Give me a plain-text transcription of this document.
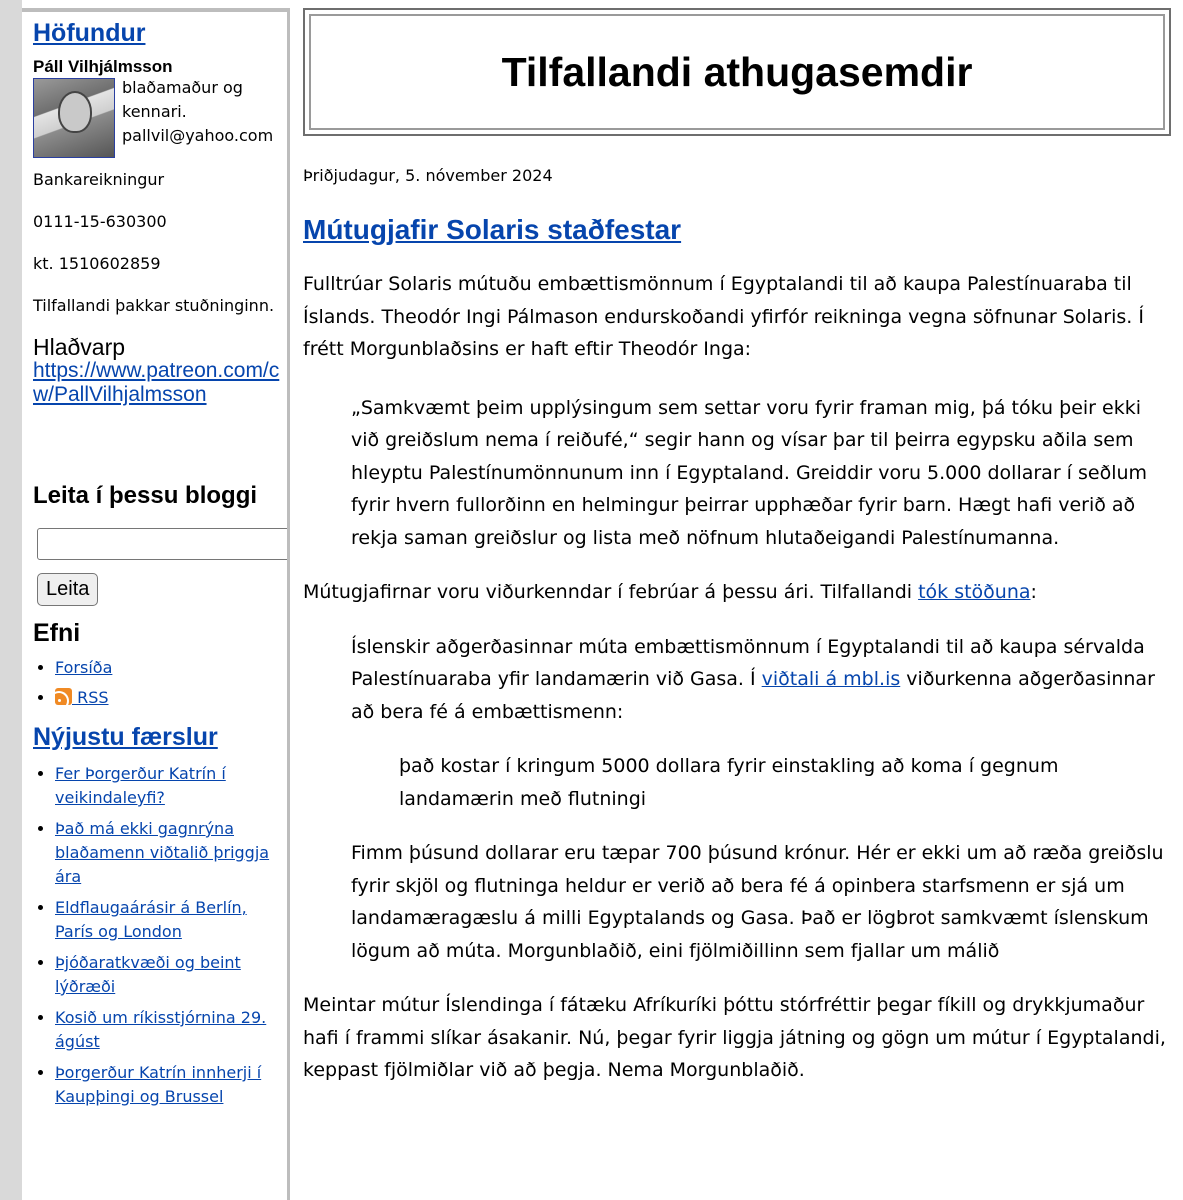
Höfundur
Páll Vilhjálmsson
blaðamaður og
kennari.
pallvil@yahoo.com

Bankareikningur

0111-15-630300

kt. 1510602859

Tilfallandi þakkar stuðninginn.

Hlaðvarp
https://www.patreon.com/cw/PallVilhjalmsson
Leita í þessu bloggi
Leita
Efni
• Forsíða
•  RSS
Nýjustu færslur
• Fer Þorgerður Katrín í veikindaleyfi?
• Það má ekki gagnrýna blaðamenn viðtalið þriggja ára
• Eldflaugaárásir á Berlín, París og London
• Þjóðaratkvæði og beint lýðræði
• Kosið um ríkisstjórnina 29. ágúst
• Þorgerður Katrín innherji í Kaupþingi og Brussel
Tilfallandi athugasemdir
Þriðjudagur, 5. nóvember 2024
Mútugjafir Solaris staðfestar

Fulltrúar Solaris mútuðu embættismönnum í Egyptalandi til að kaupa Palestínuaraba til Íslands. Theodór Ingi Pálmason endurskoðandi yfirfór reikninga vegna söfnunar Solaris. Í frétt Morgunblaðsins er haft eftir Theodór Inga:

„Samkvæmt þeim upplýsingum sem settar voru fyrir framan mig, þá tóku þeir ekki við greiðslum nema í reiðufé,“ segir hann og vísar þar til þeirra egypsku aðila sem hleyptu Palestínumönnunum inn í Egyptaland. Greiddir voru 5.000 dollarar í seðlum fyrir hvern fullorðinn en helmingur þeirrar upphæðar fyrir barn. Hægt hafi verið að rekja saman greiðslur og lista með nöfnum hlutaðeigandi Palestínumanna.

Mútugjafirnar voru viðurkenndar í febrúar á þessu ári. Tilfallandi tók stöðuna:

Íslenskir aðgerðasinnar múta embættismönnum í Egyptalandi til að kaupa sérvalda Palestínuaraba yfir landamærin við Gasa. Í viðtali á mbl.is viðurkenna aðgerðasinnar að bera fé á embættismenn:

það kostar í kringum 5000 dollara fyrir einstakling að koma í gegnum landamærin með flutningi

Fimm þúsund dollarar eru tæpar 700 þúsund krónur. Hér er ekki um að ræða greiðslu fyrir skjöl og flutninga heldur er verið að bera fé á opinbera starfsmenn er sjá um landamæragæslu á milli Egyptalands og Gasa. Það er lögbrot samkvæmt íslenskum lögum að múta. Morgunblaðið, eini fjölmiðillinn sem fjallar um málið

Meintar mútur Íslendinga í fátæku Afríkuríki þóttu stórfréttir þegar fíkill og drykkjumaður hafi í frammi slíkar ásakanir. Nú, þegar fyrir liggja játning og gögn um mútur í Egyptalandi, keppast fjölmiðlar við að þegja. Nema Morgunblaðið.
